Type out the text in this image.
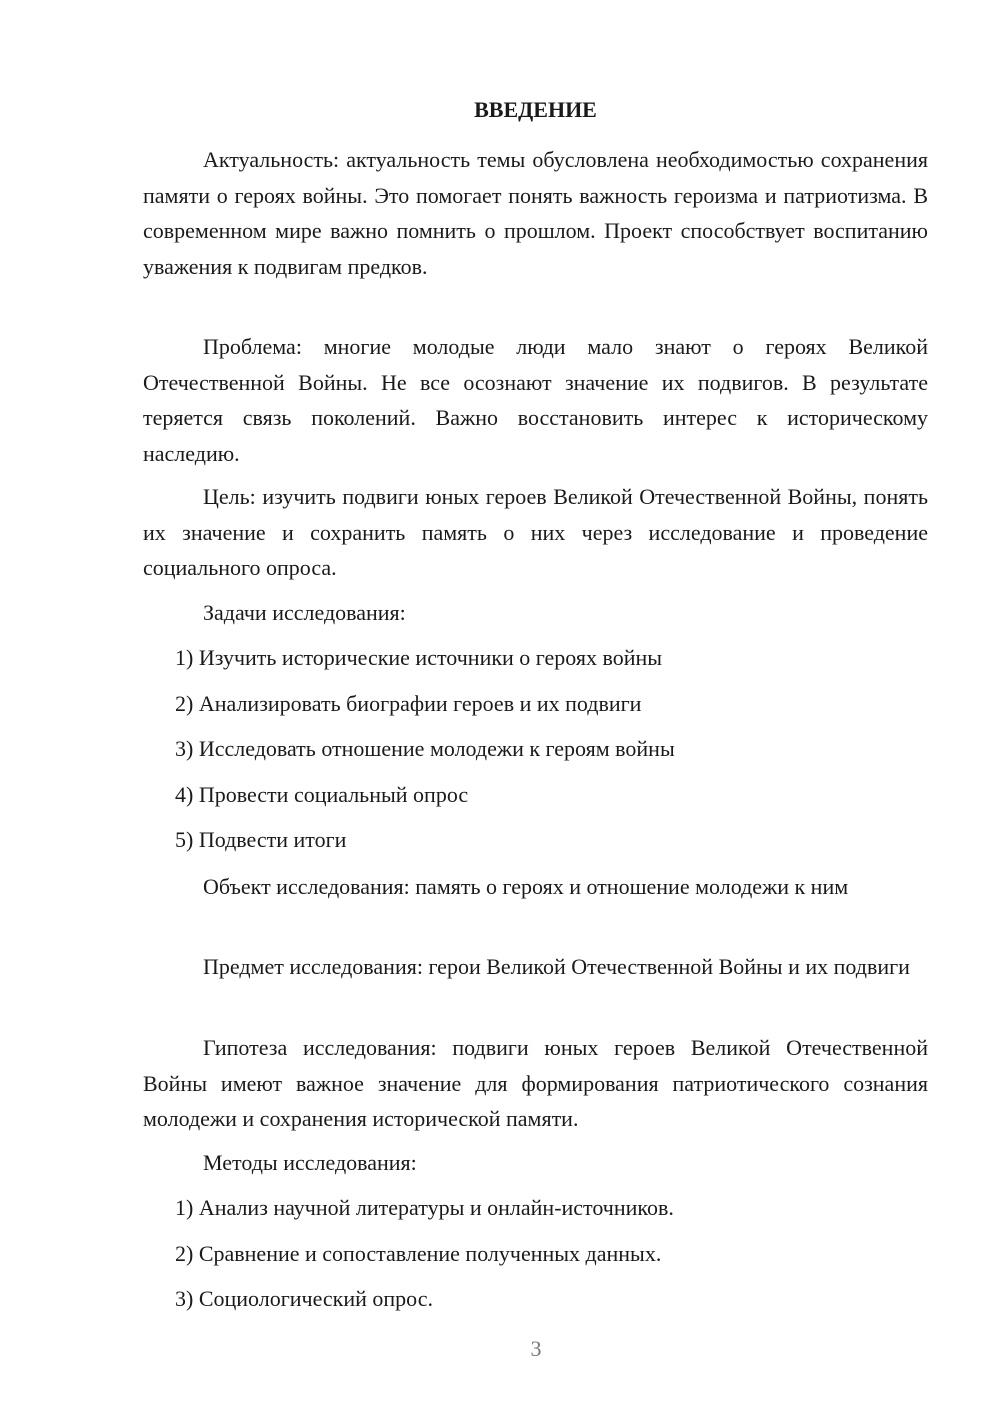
ВВЕДЕНИЕ

Актуальность: актуальность темы обусловлена необходимостью сохранения памяти о героях войны. Это помогает понять важность героизма и патриотизма. В современном мире важно помнить о прошлом. Проект способствует воспитанию уважения к подвигам предков.

Проблема: многие молодые люди мало знают о героях Великой Отечественной Войны. Не все осознают значение их подвигов. В результате теряется связь поколений. Важно восстановить интерес к историческому наследию.

Цель: изучить подвиги юных героев Великой Отечественной Войны, понять их значение и сохранить память о них через исследование и проведение социального опроса.

Задачи исследования:

1) Изучить исторические источники о героях войны

2) Анализировать биографии героев и их подвиги

3) Исследовать отношение молодежи к героям войны

4) Провести социальный опрос

5) Подвести итоги

Объект исследования: память о героях и отношение молодежи к ним

Предмет исследования: герои Великой Отечественной Войны и их подвиги

Гипотеза исследования: подвиги юных героев Великой Отечественной Войны имеют важное значение для формирования патриотического сознания молодежи и сохранения исторической памяти.

Методы исследования:

1) Анализ научной литературы и онлайн-источников.

2) Сравнение и сопоставление полученных данных.

3) Социологический опрос.

3
